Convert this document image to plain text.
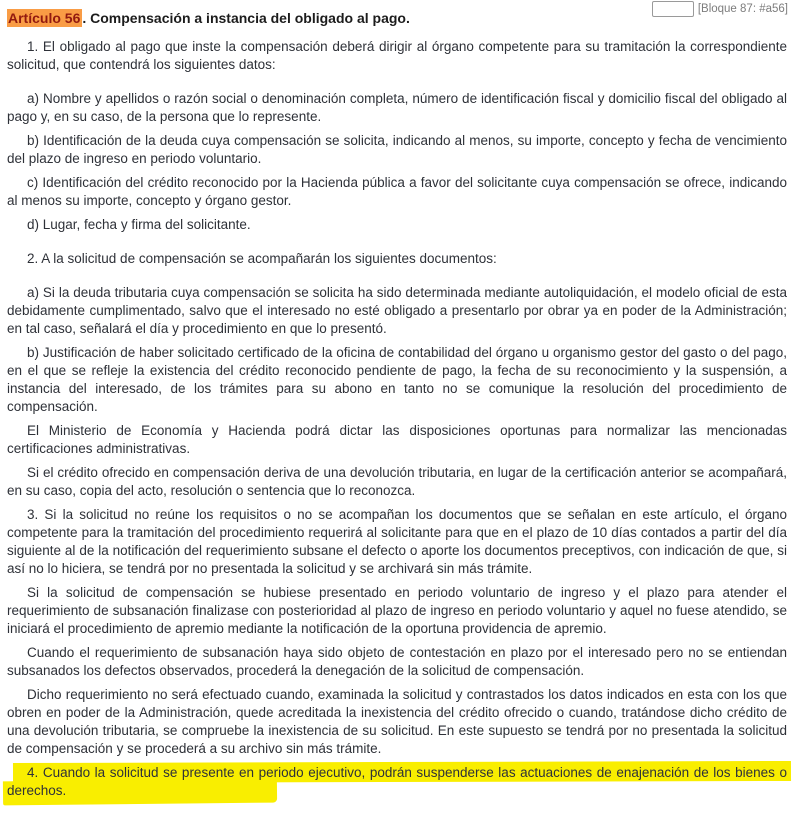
[Bloque 87: #a56]
Artículo 56 . Compensación a instancia del obligado al pago.

1. El obligado al pago que inste la compensación deberá dirigir al órgano competente para su tramitación la correspondiente solicitud, que contendrá los siguientes datos:

a) Nombre y apellidos o razón social o denominación completa, número de identificación fiscal y domicilio fiscal del obligado al pago y, en su caso, de la persona que lo represente.

b) Identificación de la deuda cuya compensación se solicita, indicando al menos, su importe, concepto y fecha de vencimiento del plazo de ingreso en periodo voluntario.

c) Identificación del crédito reconocido por la Hacienda pública a favor del solicitante cuya compensación se ofrece, indicando al menos su importe, concepto y órgano gestor.

d) Lugar, fecha y firma del solicitante.

2. A la solicitud de compensación se acompañarán los siguientes documentos:

a) Si la deuda tributaria cuya compensación se solicita ha sido determinada mediante autoliquidación, el modelo oficial de esta debidamente cumplimentado, salvo que el interesado no esté obligado a presentarlo por obrar ya en poder de la Administración; en tal caso, señalará el día y procedimiento en que lo presentó.

b) Justificación de haber solicitado certificado de la oficina de contabilidad del órgano u organismo gestor del gasto o del pago, en el que se refleje la existencia del crédito reconocido pendiente de pago, la fecha de su reconocimiento y la suspensión, a instancia del interesado, de los trámites para su abono en tanto no se comunique la resolución del procedimiento de compensación.

El Ministerio de Economía y Hacienda podrá dictar las disposiciones oportunas para normalizar las mencionadas certificaciones administrativas.

Si el crédito ofrecido en compensación deriva de una devolución tributaria, en lugar de la certificación anterior se acompañará, en su caso, copia del acto, resolución o sentencia que lo reconozca.

3. Si la solicitud no reúne los requisitos o no se acompañan los documentos que se señalan en este artículo, el órgano competente para la tramitación del procedimiento requerirá al solicitante para que en el plazo de 10 días contados a partir del día siguiente al de la notificación del requerimiento subsane el defecto o aporte los documentos preceptivos, con indicación de que, si así no lo hiciera, se tendrá por no presentada la solicitud y se archivará sin más trámite.

Si la solicitud de compensación se hubiese presentado en periodo voluntario de ingreso y el plazo para atender el requerimiento de subsanación finalizase con posterioridad al plazo de ingreso en periodo voluntario y aquel no fuese atendido, se iniciará el procedimiento de apremio mediante la notificación de la oportuna providencia de apremio.

Cuando el requerimiento de subsanación haya sido objeto de contestación en plazo por el interesado pero no se entiendan subsanados los defectos observados, procederá la denegación de la solicitud de compensación.

Dicho requerimiento no será efectuado cuando, examinada la solicitud y contrastados los datos indicados en esta con los que obren en poder de la Administración, quede acreditada la inexistencia del crédito ofrecido o cuando, tratándose dicho crédito de una devolución tributaria, se compruebe la inexistencia de su solicitud. En este supuesto se tendrá por no presentada la solicitud de compensación y se procederá a su archivo sin más trámite.

4. Cuando la solicitud se presente en periodo ejecutivo, podrán suspenderse las actuaciones de enajenación de los bienes o derechos.
